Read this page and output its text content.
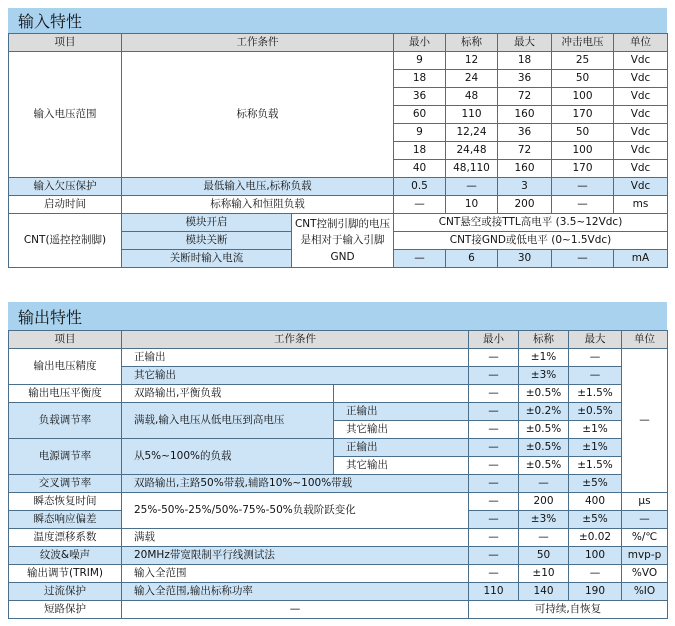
输入特性
项目	工作条件		最小	标称	最大	冲击电压	单位
输入电压范围	标称负载		9	12	18	25	Vdc
			18	24	36	50	Vdc
			36	48	72	100	Vdc
			60	110	160	170	Vdc
			9	12,24	36	50	Vdc
			18	24,48	72	100	Vdc
			40	48,110	160	170	Vdc
输入欠压保护	最低输入电压,标称负载		0.5	—	3	—	Vdc
启动时间	标称输入和恒阻负载		—	10	200	—	ms
CNT(遥控控制脚)	模块开启	CNT控制引脚的电压是相对于输入引脚GND	CNT悬空或接TTL高电平 (3.5~12Vdc)				
	模块关断		CNT接GND或低电平 (0~1.5Vdc)				
	关断时输入电流		—	6	30	—	mA
输出特性
项目	工作条件		最小	标称	最大	单位
输出电压精度	正输出		—	±1%	—	—
	其它输出		—	±3%	—	
输出电压平衡度	双路输出,平衡负载		—	±0.5%	±1.5%	
负载调节率	满载,输入电压从低电压到高电压	正输出	—	±0.2%	±0.5%	
		其它输出	—	±0.5%	±1%	
电源调节率	从5%~100%的负载	正输出	—	±0.5%	±1%	
		其它输出	—	±0.5%	±1.5%	
交叉调节率	双路输出,主路50%带载,辅路10%~100%带载		—	—	±5%	
瞬态恢复时间	25%-50%-25%/50%-75%-50%负载阶跃变化		—	200	400	μs
瞬态响应偏差			—	±3%	±5%	—
温度漂移系数	满载		—	—	±0.02	%/℃
纹波&噪声	20MHz带宽限制平行线测试法		—	50	100	mvp-p
输出调节(TRIM)	输入全范围		—	±10	—	%VO
过流保护	输入全范围,输出标称功率		110	140	190	%IO
短路保护	—		可持续,自恢复			
